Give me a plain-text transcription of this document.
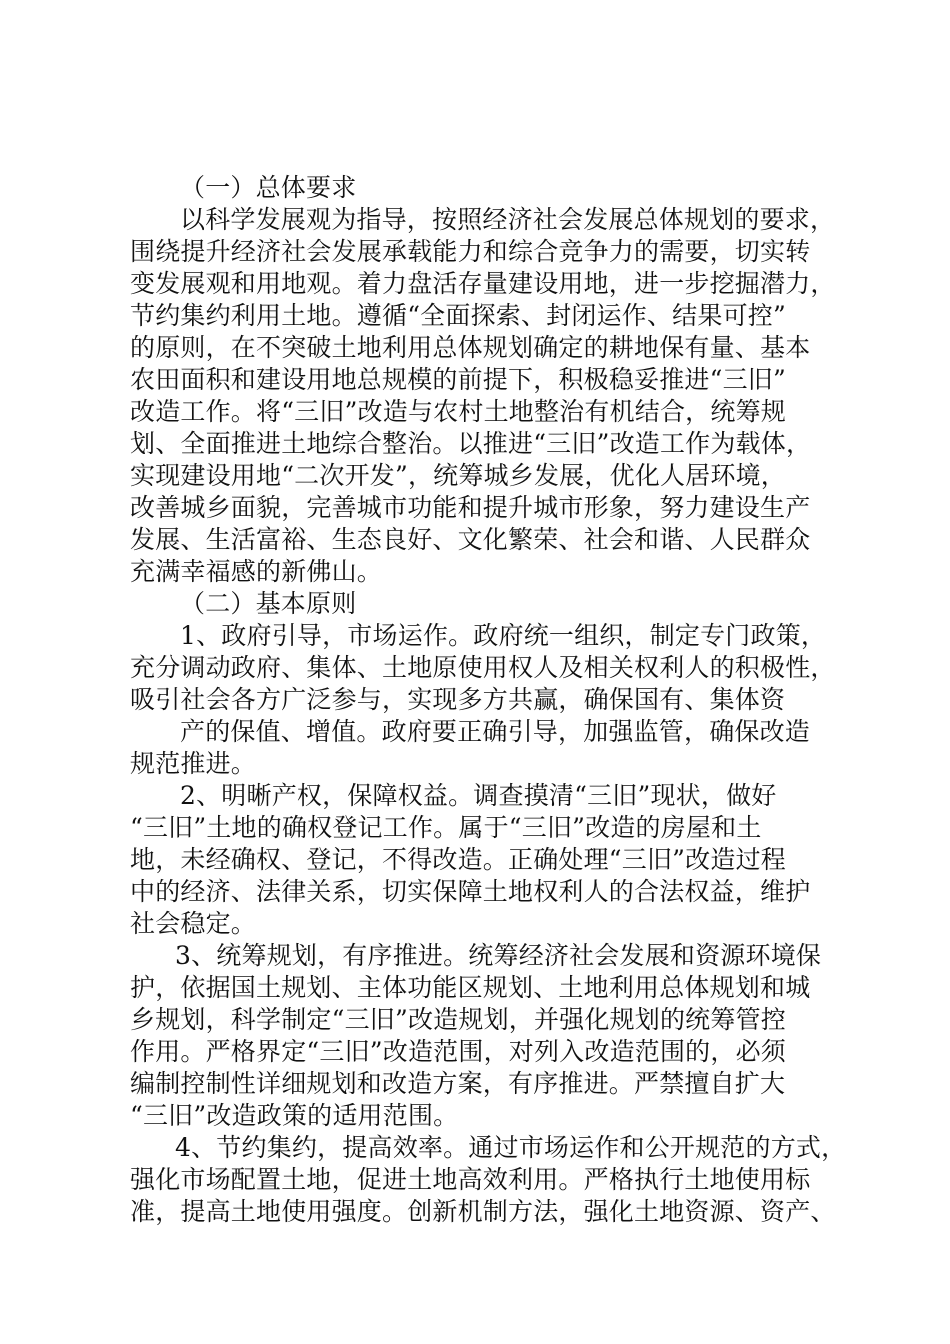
（一）总体要求
以科学发展观为指导，按照经济社会发展总体规划的要求，
围绕提升经济社会发展承载能力和综合竞争力的需要，切实转
变发展观和用地观。着力盘活存量建设用地，进一步挖掘潜力，
节约集约利用土地。遵循“全面探索、封闭运作、结果可控”
的原则，在不突破土地利用总体规划确定的耕地保有量、基本
农田面积和建设用地总规模的前提下，积极稳妥推进“三旧”
改造工作。将“三旧”改造与农村土地整治有机结合，统筹规
划、全面推进土地综合整治。以推进“三旧”改造工作为载体，
实现建设用地“二次开发”，统筹城乡发展，优化人居环境，
改善城乡面貌，完善城市功能和提升城市形象，努力建设生产
发展、生活富裕、生态良好、文化繁荣、社会和谐、人民群众
充满幸福感的新佛山。
（二）基本原则
1、政府引导，市场运作。政府统一组织，制定专门政策，
充分调动政府、集体、土地原使用权人及相关权利人的积极性，
吸引社会各方广泛参与，实现多方共赢，确保国有、集体资
产的保值、增值。政府要正确引导，加强监管，确保改造
规范推进。
2、明晰产权，保障权益。调查摸清“三旧”现状，做好
“三旧”土地的确权登记工作。属于“三旧”改造的房屋和土
地，未经确权、登记，不得改造。正确处理“三旧”改造过程
中的经济、法律关系，切实保障土地权利人的合法权益，维护
社会稳定。
3、统筹规划，有序推进。统筹经济社会发展和资源环境保
护，依据国土规划、主体功能区规划、土地利用总体规划和城
乡规划，科学制定“三旧”改造规划，并强化规划的统筹管控
作用。严格界定“三旧”改造范围，对列入改造范围的，必须
编制控制性详细规划和改造方案，有序推进。严禁擅自扩大
“三旧”改造政策的适用范围。
4、节约集约，提高效率。通过市场运作和公开规范的方式，
强化市场配置土地，促进土地高效利用。严格执行土地使用标
准，提高土地使用强度。创新机制方法，强化土地资源、资产、
